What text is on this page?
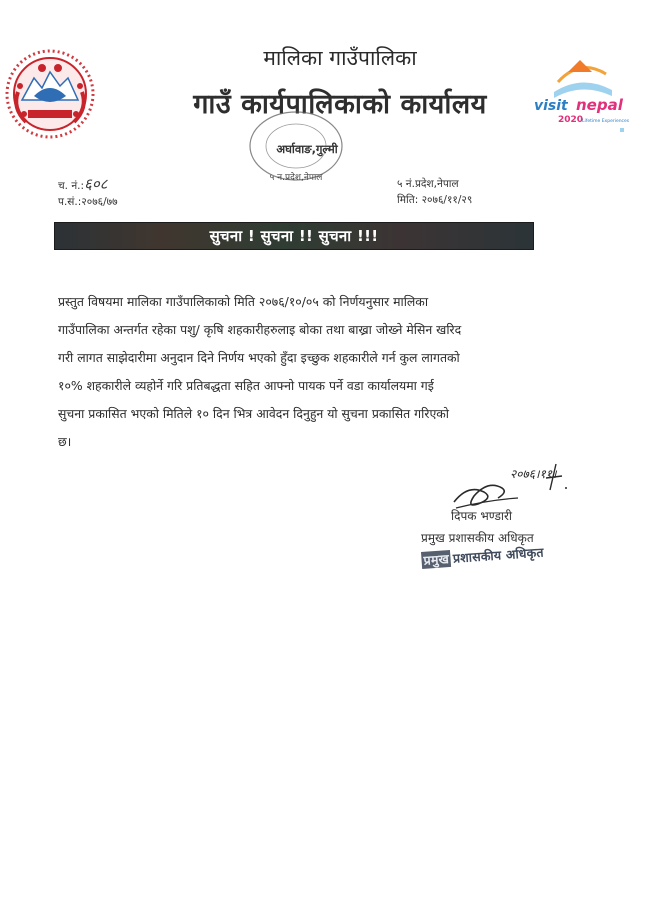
मालिका गाउँपालिका
गाउँ कार्यपालिकाको कार्यालय
५ न.प्रदेश,नेपाल
अर्घावाङ,गुल्मी
visit nepal
2020
Lifetime Experiences
च. नं.:६०८
प.सं.:२०७६/७७
५ नं.प्रदेश,नेपाल
मिति: २०७६/११/२९
सुचना ! सुचना !! सुचना !!!
प्रस्तुत विषयमा मालिका गाउँपालिकाको मिति २०७६/१०/०५ को निर्णयनुसार मालिका
गाउँपालिका अन्तर्गत रहेका पशु/ कृषि शहकारीहरुलाइ बोका तथा बाख्रा जोख्ने मेसिन खरिद
गरी लागत साझेदारीमा अनुदान दिने निर्णय भएको हुँदा इच्छुक शहकारीले गर्न कुल लागतको
१०% शहकारीले व्यहोर्ने गरि प्रतिबद्धता सहित आफ्नो पायक पर्ने वडा कार्यालयमा गई
सुचना प्रकासित भएको मितिले १० दिन भित्र आवेदन दिनुहुन यो सुचना प्रकासित गरिएको
छ।
२०७६।११।
दिपक भण्डारी
प्रमुख प्रशासकीय अधिकृत
प्रमुख प्रशासकीय अधिकृत
